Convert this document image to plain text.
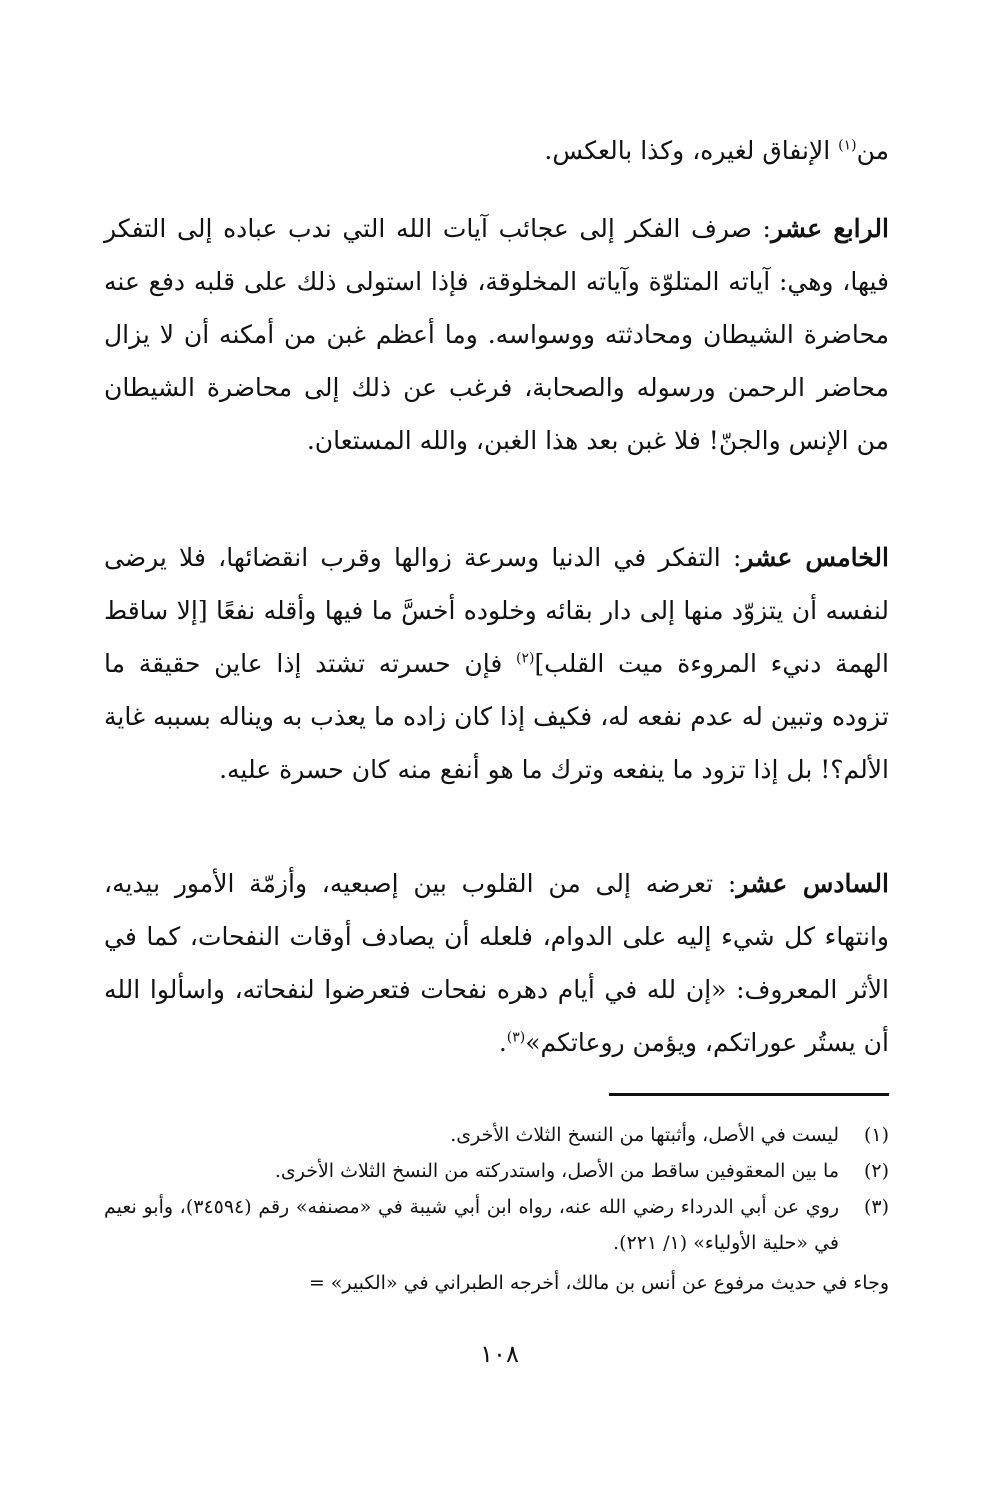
من$^{(١)}$ الإنفاق لغيره، وكذا بالعكس.

الرابع عشر: صرف الفكر إلى عجائب آيات الله التي ندب عباده إلى التفكر فيها، وهي: آياته المتلوّة وآياته المخلوقة، فإذا استولى ذلك على قلبه دفع عنه محاضرة الشيطان ومحادثته ووسواسه. وما أعظم غبن من أمكنه أن لا يزال محاضر الرحمن ورسوله والصحابة، فرغب عن ذلك إلى محاضرة الشيطان من الإنس والجنّ! فلا غبن بعد هذا الغبن، والله المستعان.

الخامس عشر: التفكر في الدنيا وسرعة زوالها وقرب انقضائها، فلا يرضى لنفسه أن يتزوّد منها إلى دار بقائه وخلوده أخسَّ ما فيها وأقله نفعًا [إلا ساقط الهمة دنيء المروءة ميت القلب]$^{(٢)}$ فإن حسرته تشتد إذا عاين حقيقة ما تزوده وتبين له عدم نفعه له، فكيف إذا كان زاده ما يعذب به ويناله بسببه غاية الألم؟! بل إذا تزود ما ينفعه وترك ما هو أنفع منه كان حسرة عليه.

السادس عشر: تعرضه إلى من القلوب بين إصبعيه، وأزمّة الأمور بيديه، وانتهاء كل شيء إليه على الدوام، فلعله أن يصادف أوقات النفحات، كما في الأثر المعروف: «إن لله في أيام دهره نفحات فتعرضوا لنفحاته، واسألوا الله أن يستُر عوراتكم، ويؤمن روعاتكم»$^{(٣)}$.

(١)
ليست في الأصل، وأثبتها من النسخ الثلاث الأخرى.

(٢)
ما بين المعقوفين ساقط من الأصل، واستدركته من النسخ الثلاث الأخرى.

(٣)
روي عن أبي الدرداء رضي الله عنه، رواه ابن أبي شيبة في «مصنفه» رقم (٣٤٥٩٤)، وأبو نعيم في «حلية الأولياء» (١/ ٢٢١).

وجاء في حديث مرفوع عن أنس بن مالك، أخرجه الطبراني في «الكبير» =

١٠٨
